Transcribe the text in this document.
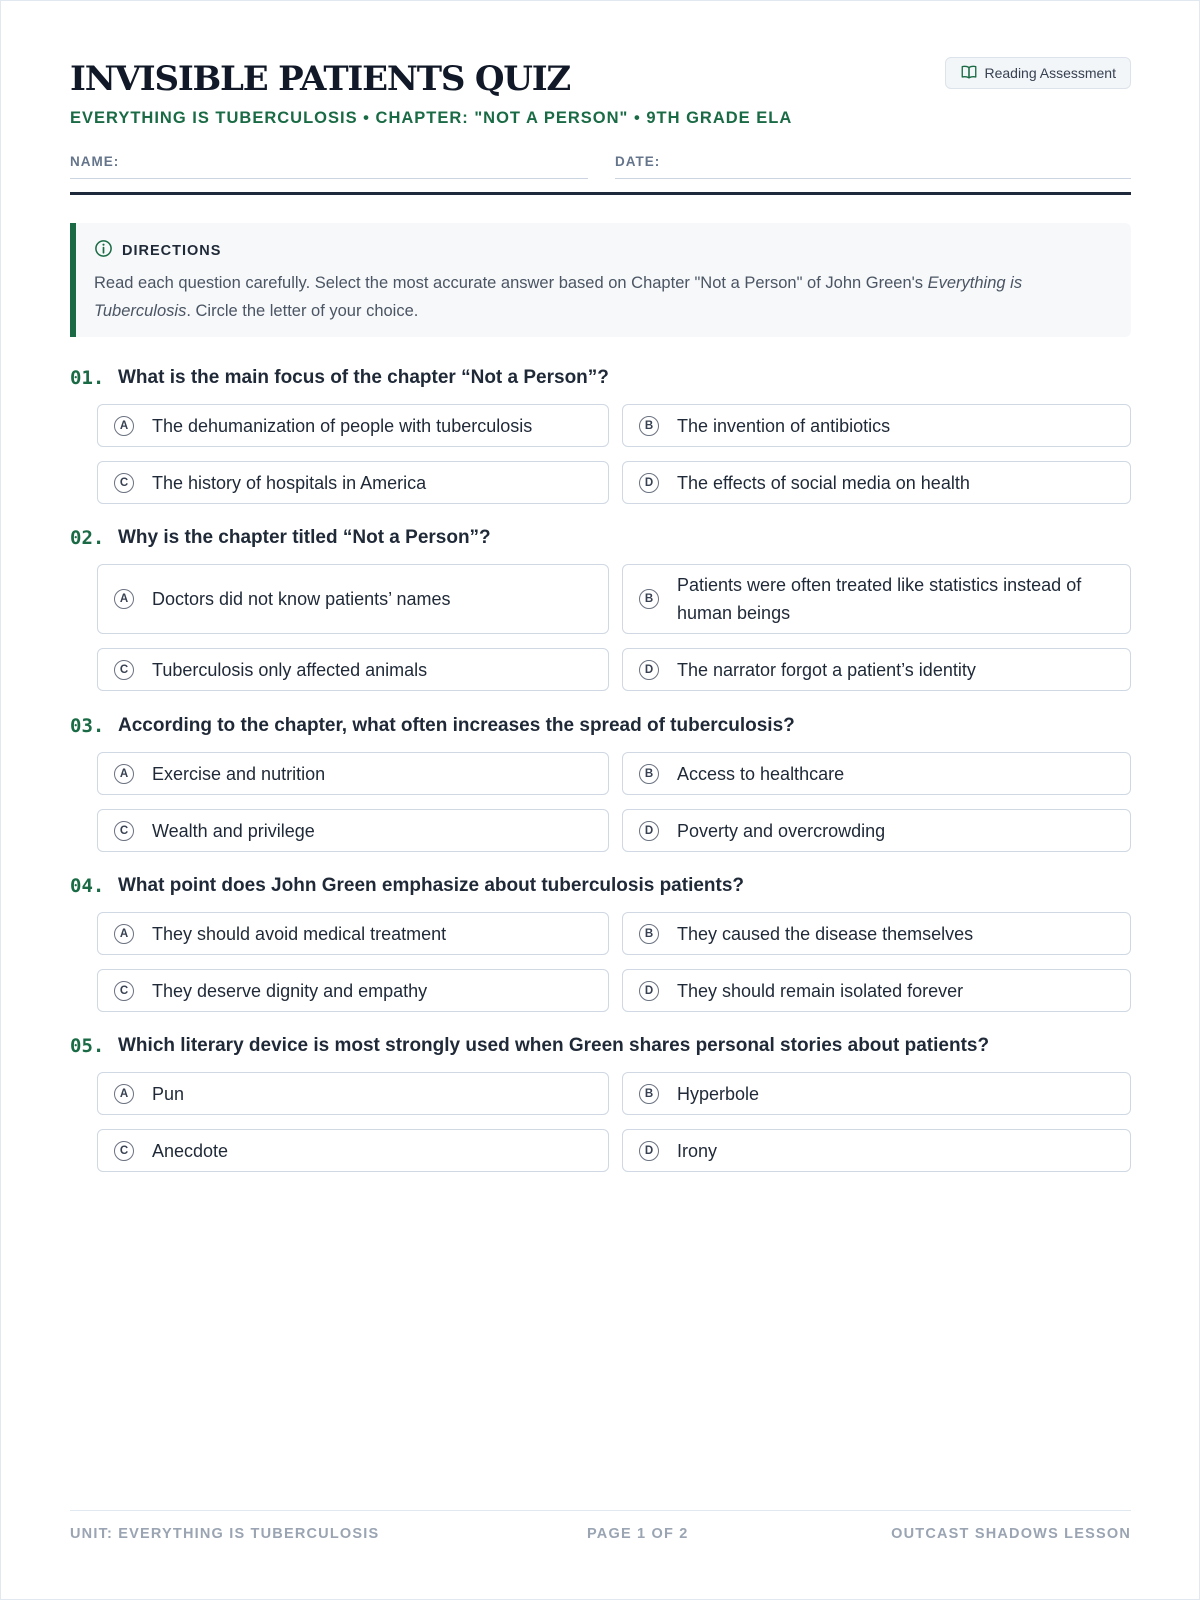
INVISIBLE PATIENTS QUIZ
EVERYTHING IS TUBERCULOSIS • CHAPTER: "NOT A PERSON" • 9TH GRADE ELA
NAME:	DATE:
DIRECTIONS
Read each question carefully. Select the most accurate answer based on Chapter "Not a Person" of John Green's Everything is Tuberculosis. Circle the letter of your choice.
01. What is the main focus of the chapter “Not a Person”?
A	The dehumanization of people with tuberculosis	B	The invention of antibiotics
C	The history of hospitals in America	D	The effects of social media on health
02. Why is the chapter titled “Not a Person”?
A	Doctors did not know patients’ names	B
Patients were often treated like statistics instead of human beings
C	Tuberculosis only affected animals	D	The narrator forgot a patient’s identity
03. According to the chapter, what often increases the spread of tuberculosis?
A	Exercise and nutrition	B	Access to healthcare
C	Wealth and privilege	D	Poverty and overcrowding
04. What point does John Green emphasize about tuberculosis patients?
A	They should avoid medical treatment	B	They caused the disease themselves
C	They deserve dignity and empathy	D	They should remain isolated forever
05. Which literary device is most strongly used when Green shares personal stories about patients?
A	Pun	B	Hyperbole
C	Anecdote	D	Irony
Reading Assessment
UNIT: EVERYTHING IS TUBERCULOSIS	PAGE 1 OF 2	OUTCAST SHADOWS LESSON
